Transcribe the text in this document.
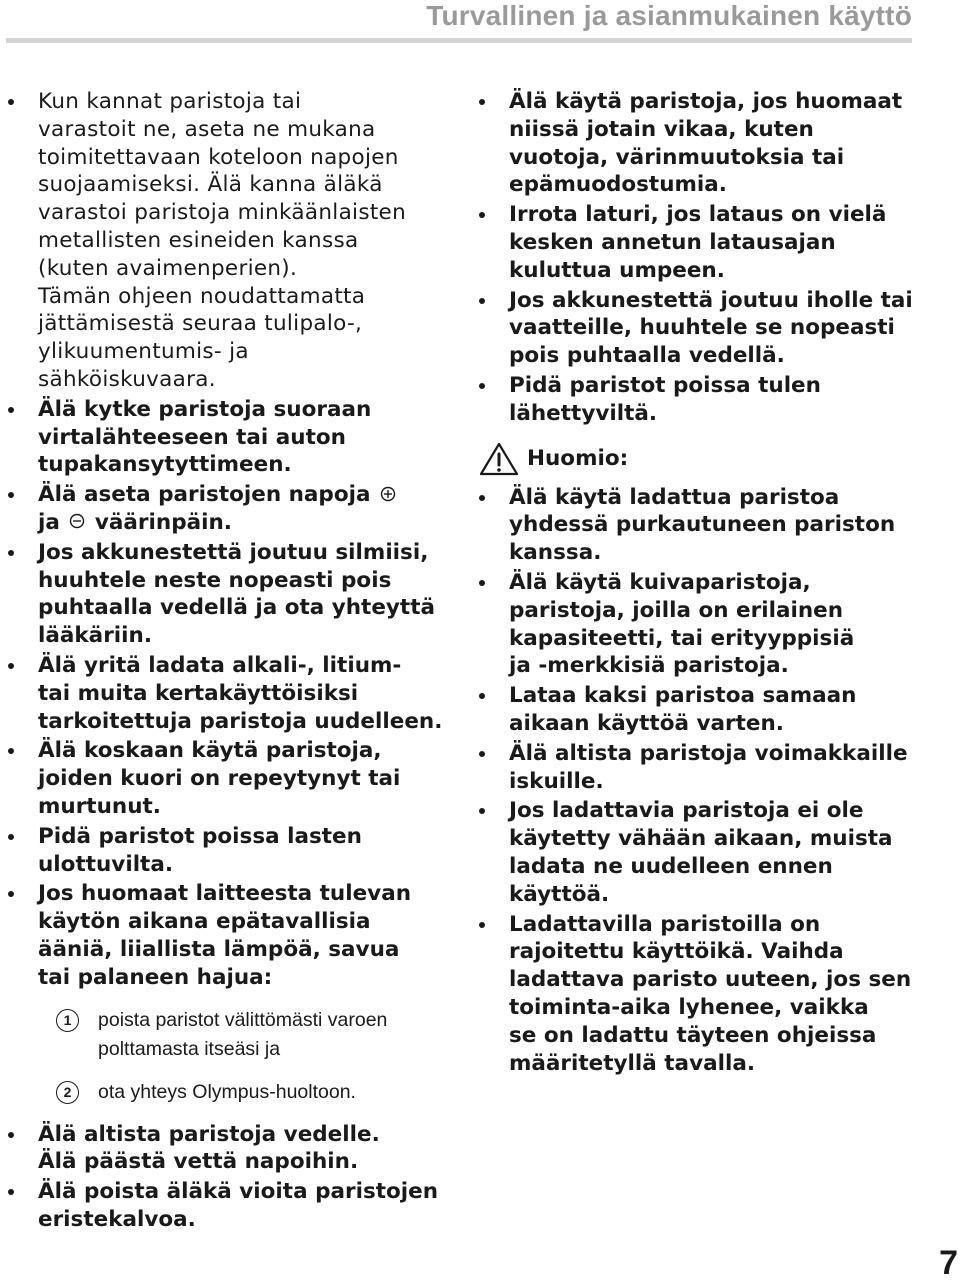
Turvallinen ja asianmukainen käyttö
Kun kannat paristoja tai
varastoit ne, aseta ne mukana
toimitettavaan koteloon napojen
suojaamiseksi. Älä kanna äläkä
varastoi paristoja minkäänlaisten
metallisten esineiden kanssa
(kuten avaimenperien).
Tämän ohjeen noudattamatta
jättämisestä seuraa tulipalo-,
ylikuumentumis- ja
sähköiskuvaara.
Älä kytke paristoja suoraan
virtalähteeseen tai auton
tupakansytyttimeen.
Älä aseta paristojen napoja
ja väärinpäin.
Jos akkunestettä joutuu silmiisi,
huuhtele neste nopeasti pois
puhtaalla vedellä ja ota yhteyttä
lääkäriin.
Älä yritä ladata alkali-, litium-
tai muita kertakäyttöisiksi
tarkoitettuja paristoja uudelleen.
Älä koskaan käytä paristoja,
joiden kuori on repeytynyt tai
murtunut.
Pidä paristot poissa lasten
ulottuvilta.
Jos huomaat laitteesta tulevan
käytön aikana epätavallisia
ääniä, liiallista lämpöä, savua
tai palaneen hajua:
1	poista paristot välittömästi varoen
polttamasta itseäsi ja
2	ota yhteys Olympus-huoltoon.
Älä altista paristoja vedelle.
Älä päästä vettä napoihin.
Älä poista äläkä vioita paristojen
eristekalvoa.
Älä käytä paristoja, jos huomaat
niissä jotain vikaa, kuten
vuotoja, värinmuutoksia tai
epämuodostumia.
Irrota laturi, jos lataus on vielä
kesken annetun latausajan
kuluttua umpeen.
Jos akkunestettä joutuu iholle tai
vaatteille, huuhtele se nopeasti
pois puhtaalla vedellä.
Pidä paristot poissa tulen
lähettyviltä.
Huomio:
Älä käytä ladattua paristoa
yhdessä purkautuneen pariston
kanssa.
Älä käytä kuivaparistoja,
paristoja, joilla on erilainen
kapasiteetti, tai erityyppisiä
ja -merkkisiä paristoja.
Lataa kaksi paristoa samaan
aikaan käyttöä varten.
Älä altista paristoja voimakkaille
iskuille.
Jos ladattavia paristoja ei ole
käytetty vähään aikaan, muista
ladata ne uudelleen ennen
käyttöä.
Ladattavilla paristoilla on
rajoitettu käyttöikä. Vaihda
ladattava paristo uuteen, jos sen
toiminta-aika lyhenee, vaikka
se on ladattu täyteen ohjeissa
määritetyllä tavalla.
7
